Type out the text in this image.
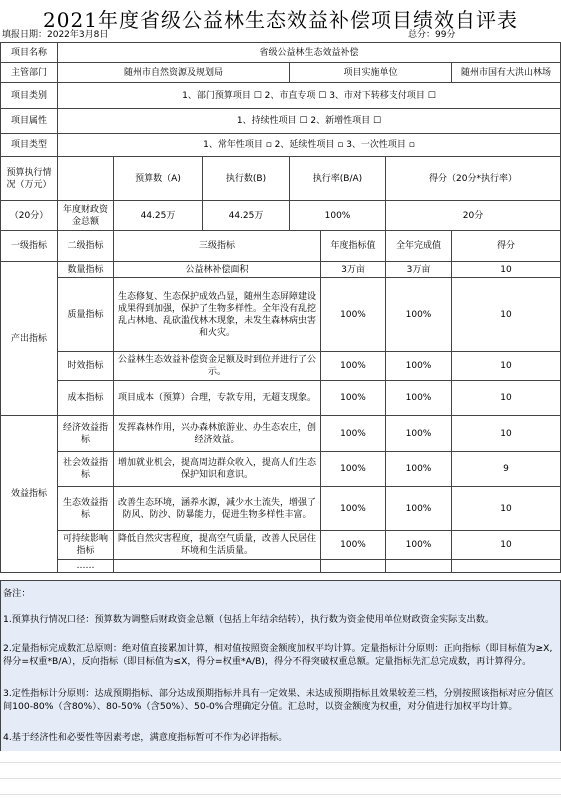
2021年度省级公益林生态效益补偿项目绩效自评表
填报日期：2022年3月8日	总分：99分
项目名称	省级公益林生态效益补偿						
主管部门	随州市自然资源及规划局			项目实施单位			随州市国有大洪山林场
项目类别	1、部门预算项目 ☐ 2、市直专项 ☐ 3、市对下转移支付项目 ☐						
项目属性	1、持续性项目 ☐ 2、新增性项目 ☐						
项目类型	1、常年性项目 ▫ 2、延续性项目 ▫ 3、一次性项目 ▫						
预算执行情况（万元）		预算数（A)	执行数(B)	执行率(B/A)		得分（20分*执行率）	
（20分）	年度财政资金总额	44.25万	44.25万	100%		20分	
一级指标	二级指标	三级指标			年度指标值	全年完成值	得分
产出指标	数量指标	公益林补偿面积			3万亩	3万亩	10
	质量指标	生态修复、生态保护成效凸显，随州生态屏障建设成果得到加强，保护了生物多样性。全年没有乱挖乱占林地、乱砍滥伐林木现象，未发生森林病虫害和火灾。			100%	100%	10
	时效指标	公益林生态效益补偿资金足额及时到位并进行了公示。			100%	100%	10
	成本指标	项目成本（预算）合理，专款专用，无超支现象。			100%	100%	10
效益指标	经济效益指标	发挥森林作用，兴办森林旅游业、办生态农庄，创经济效益。			100%	100%	10
	社会效益指标	增加就业机会，提高周边群众收入，提高人们生态保护知识和意识。			100%	100%	9
	生态效益指标	改善生态环境，涵养水源，减少水土流失，增强了防风、防沙、防暴能力，促进生物多样性丰富。			100%	100%	10
	可持续影响指标	降低自然灾害程度，提高空气质量，改善人民居住环境和生活质量。			100%	100%	10
	……						
备注：
1.预算执行情况口径：预算数为调整后财政资金总额（包括上年结余结转），执行数为资金使用单位财政资金实际支出数。
2.定量指标完成数汇总原则：绝对值直接累加计算，相对值按照资金额度加权平均计算。定量指标计分原则：正向指标（即目标值为≥X,得分=权重*B/A），反向指标（即目标值为≤X，得分=权重*A/B)，得分不得突破权重总额。定量指标先汇总完成数，再计算得分。
3.定性指标计分原则：达成预期指标、部分达成预期指标并具有一定效果、未达成预期指标且效果较差三档，分别按照该指标对应分值区间100-80%（含80%）、80-50%（含50%）、50-0%合理确定分值。汇总时，以资金额度为权重，对分值进行加权平均计算。
4.基于经济性和必要性等因素考虑，满意度指标暂可不作为必评指标。
